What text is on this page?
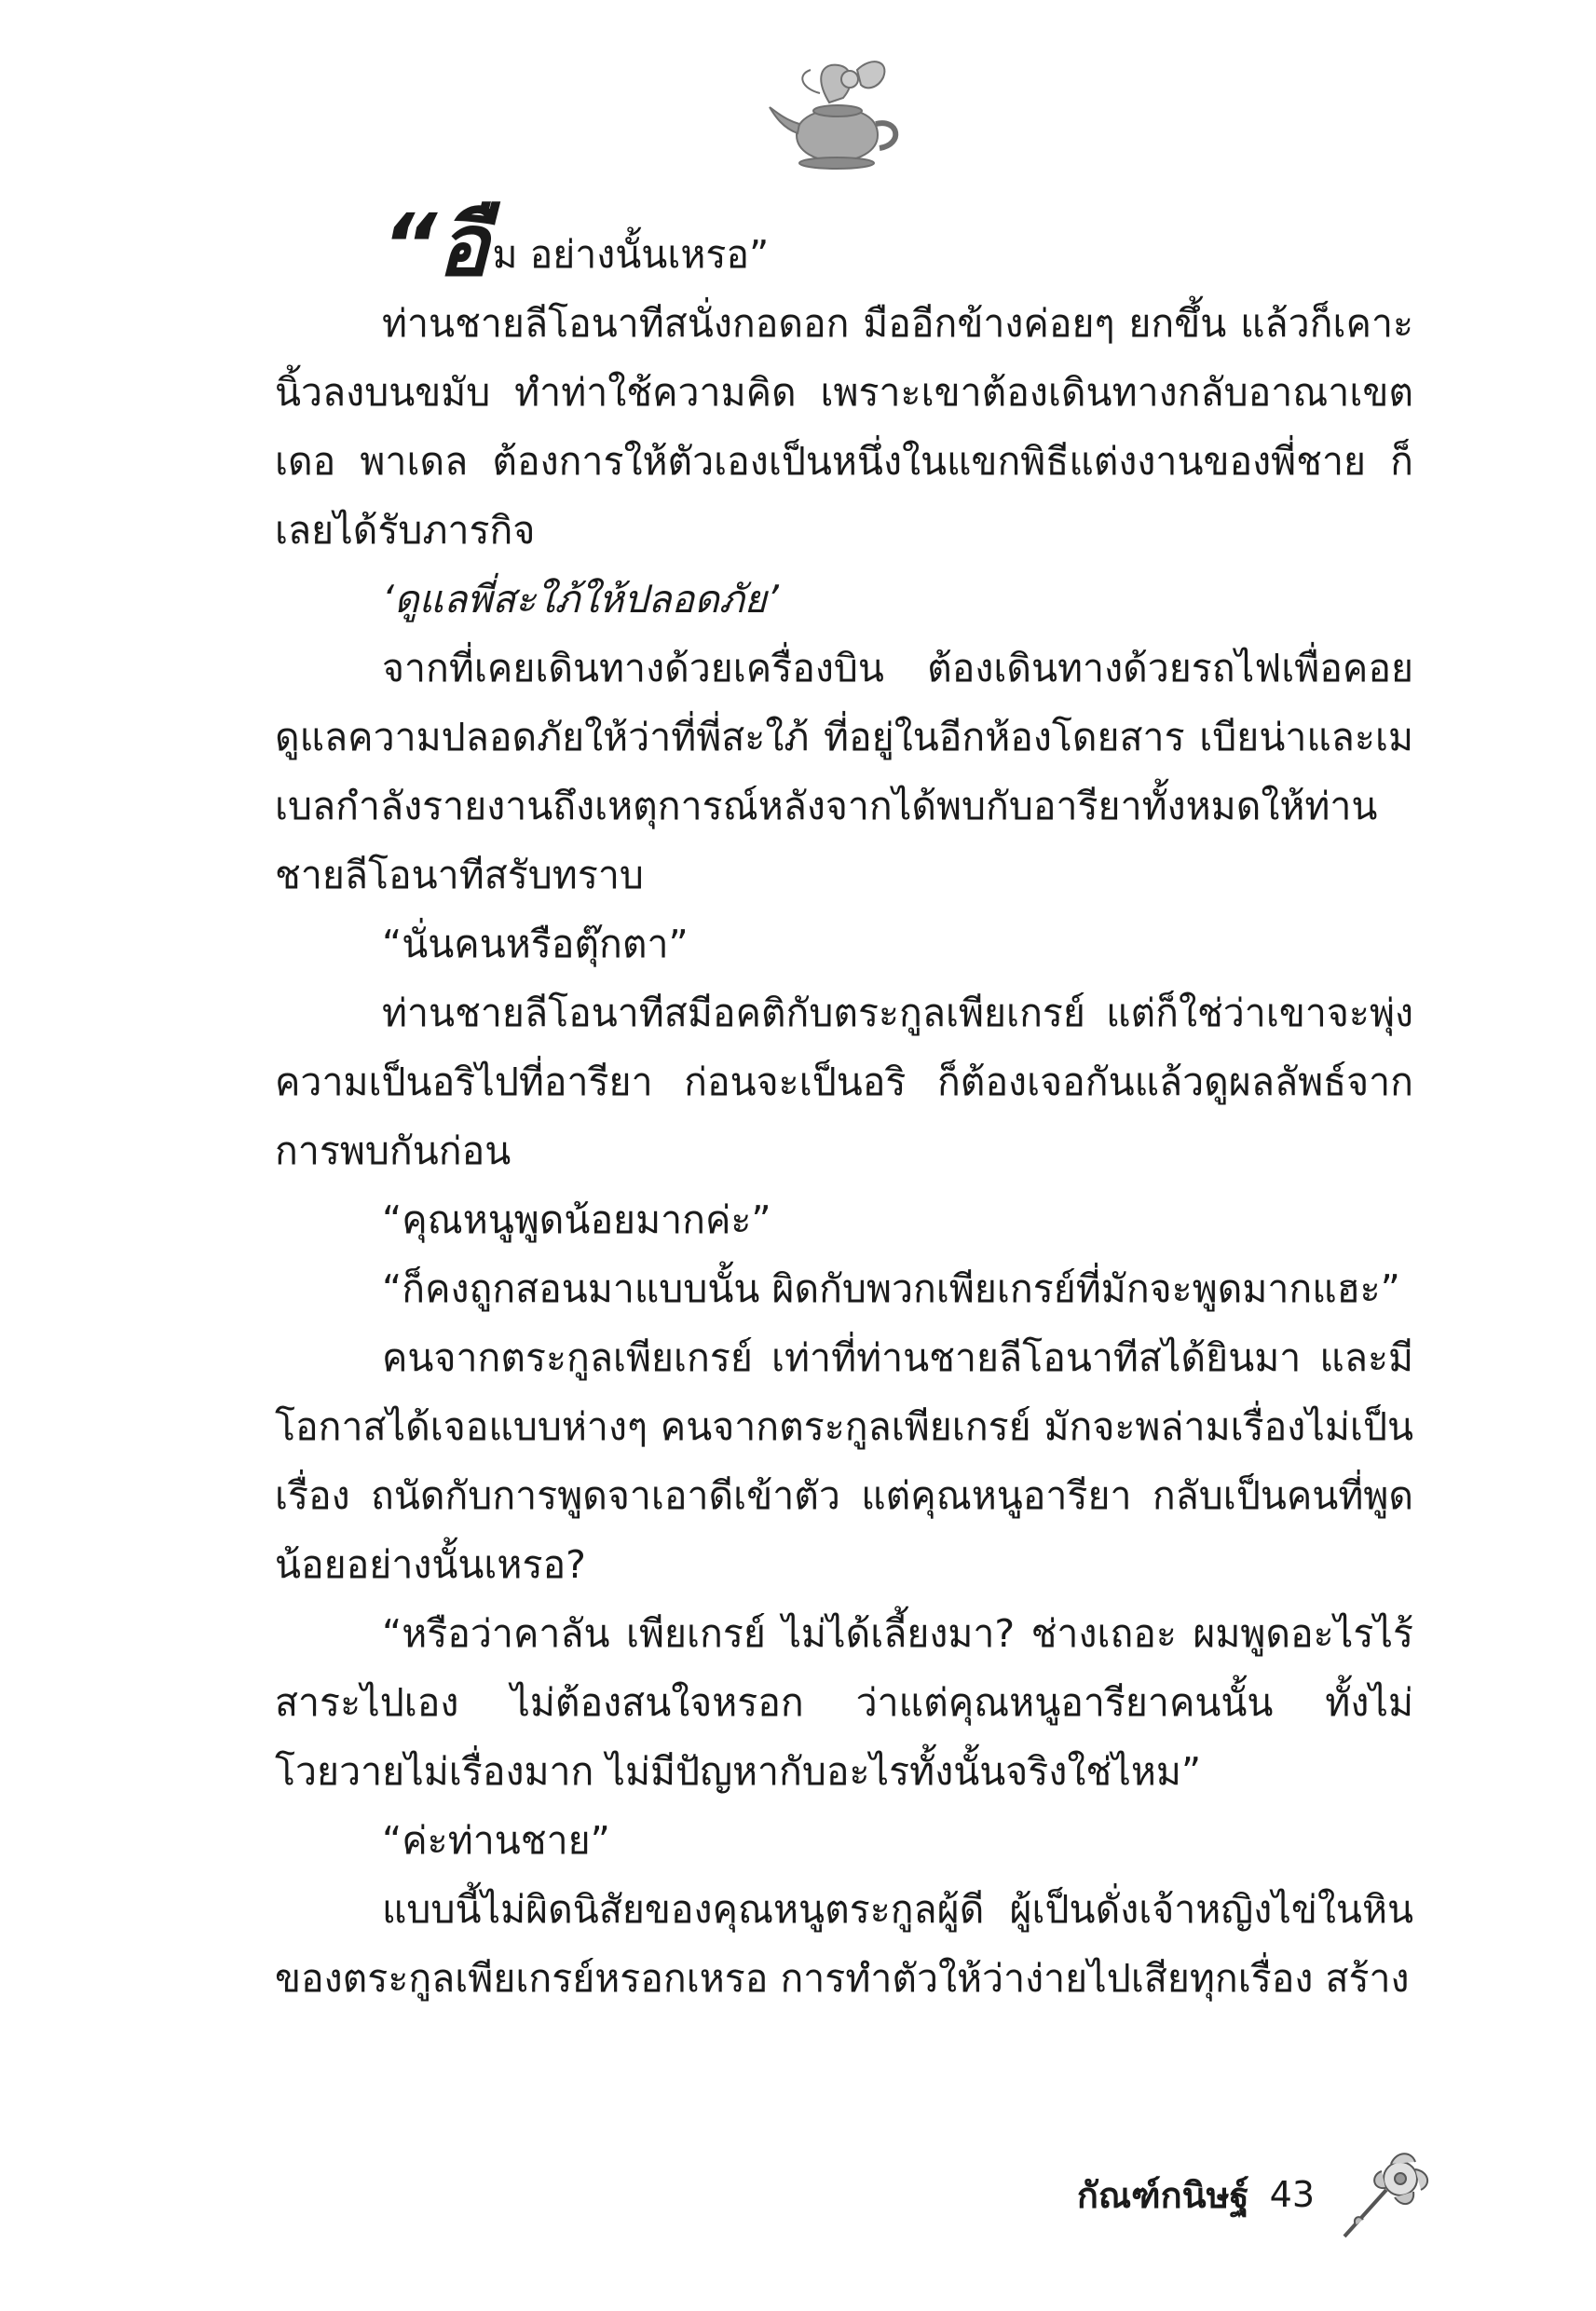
“อื ม อย่างนั้นเหรอ”

ท่านชายลีโอนาทีสนั่งกอดอก มืออีกข้างค่อยๆ ยกขึ้น แล้วก็เคาะนิ้วลงบนขมับ ทำท่าใช้ความคิด เพราะเขาต้องเดินทางกลับอาณาเขต เดอ พาเดล ต้องการให้ตัวเองเป็นหนึ่งในแขกพิธีแต่งงานของพี่ชาย ก็เลยได้รับภารกิจ

‘ดูแลพี่สะใภ้ให้ปลอดภัย’

จากที่เคยเดินทางด้วยเครื่องบิน ต้องเดินทางด้วยรถไฟเพื่อคอยดูแลความปลอดภัยให้ว่าที่พี่สะใภ้ ที่อยู่ในอีกห้องโดยสาร เบียน่าและเมเบลกำลังรายงานถึงเหตุการณ์หลังจากได้พบกับอารียาทั้งหมดให้ท่านชายลีโอนาทีสรับทราบ

“นั่นคนหรือตุ๊กตา”

ท่านชายลีโอนาทีสมีอคติกับตระกูลเพียเกรย์ แต่ก็ใช่ว่าเขาจะพุ่งความเป็นอริไปที่อารียา ก่อนจะเป็นอริ ก็ต้องเจอกันแล้วดูผลลัพธ์จากการพบกันก่อน

“คุณหนูพูดน้อยมากค่ะ”

“ก็คงถูกสอนมาแบบนั้น ผิดกับพวกเพียเกรย์ที่มักจะพูดมากแฮะ”

คนจากตระกูลเพียเกรย์ เท่าที่ท่านชายลีโอนาทีสได้ยินมา และมีโอกาสได้เจอแบบห่างๆ คนจากตระกูลเพียเกรย์ มักจะพล่ามเรื่องไม่เป็นเรื่อง ถนัดกับการพูดจาเอาดีเข้าตัว แต่คุณหนูอารียา กลับเป็นคนที่พูดน้อยอย่างนั้นเหรอ?

“หรือว่าคาลัน เพียเกรย์ ไม่ได้เลี้ยงมา? ช่างเถอะ ผมพูดอะไรไร้สาระไปเอง ไม่ต้องสนใจหรอก ว่าแต่คุณหนูอารียาคนนั้น ทั้งไม่โวยวายไม่เรื่องมาก ไม่มีปัญหากับอะไรทั้งนั้นจริงใช่ไหม”

“ค่ะท่านชาย”

แบบนี้ไม่ผิดนิสัยของคุณหนูตระกูลผู้ดี ผู้เป็นดั่งเจ้าหญิงไข่ในหินของตระกูลเพียเกรย์หรอกเหรอ การทำตัวให้ว่าง่ายไปเสียทุกเรื่อง สร้าง

กัณฑ์กนิษฐ์ 43
